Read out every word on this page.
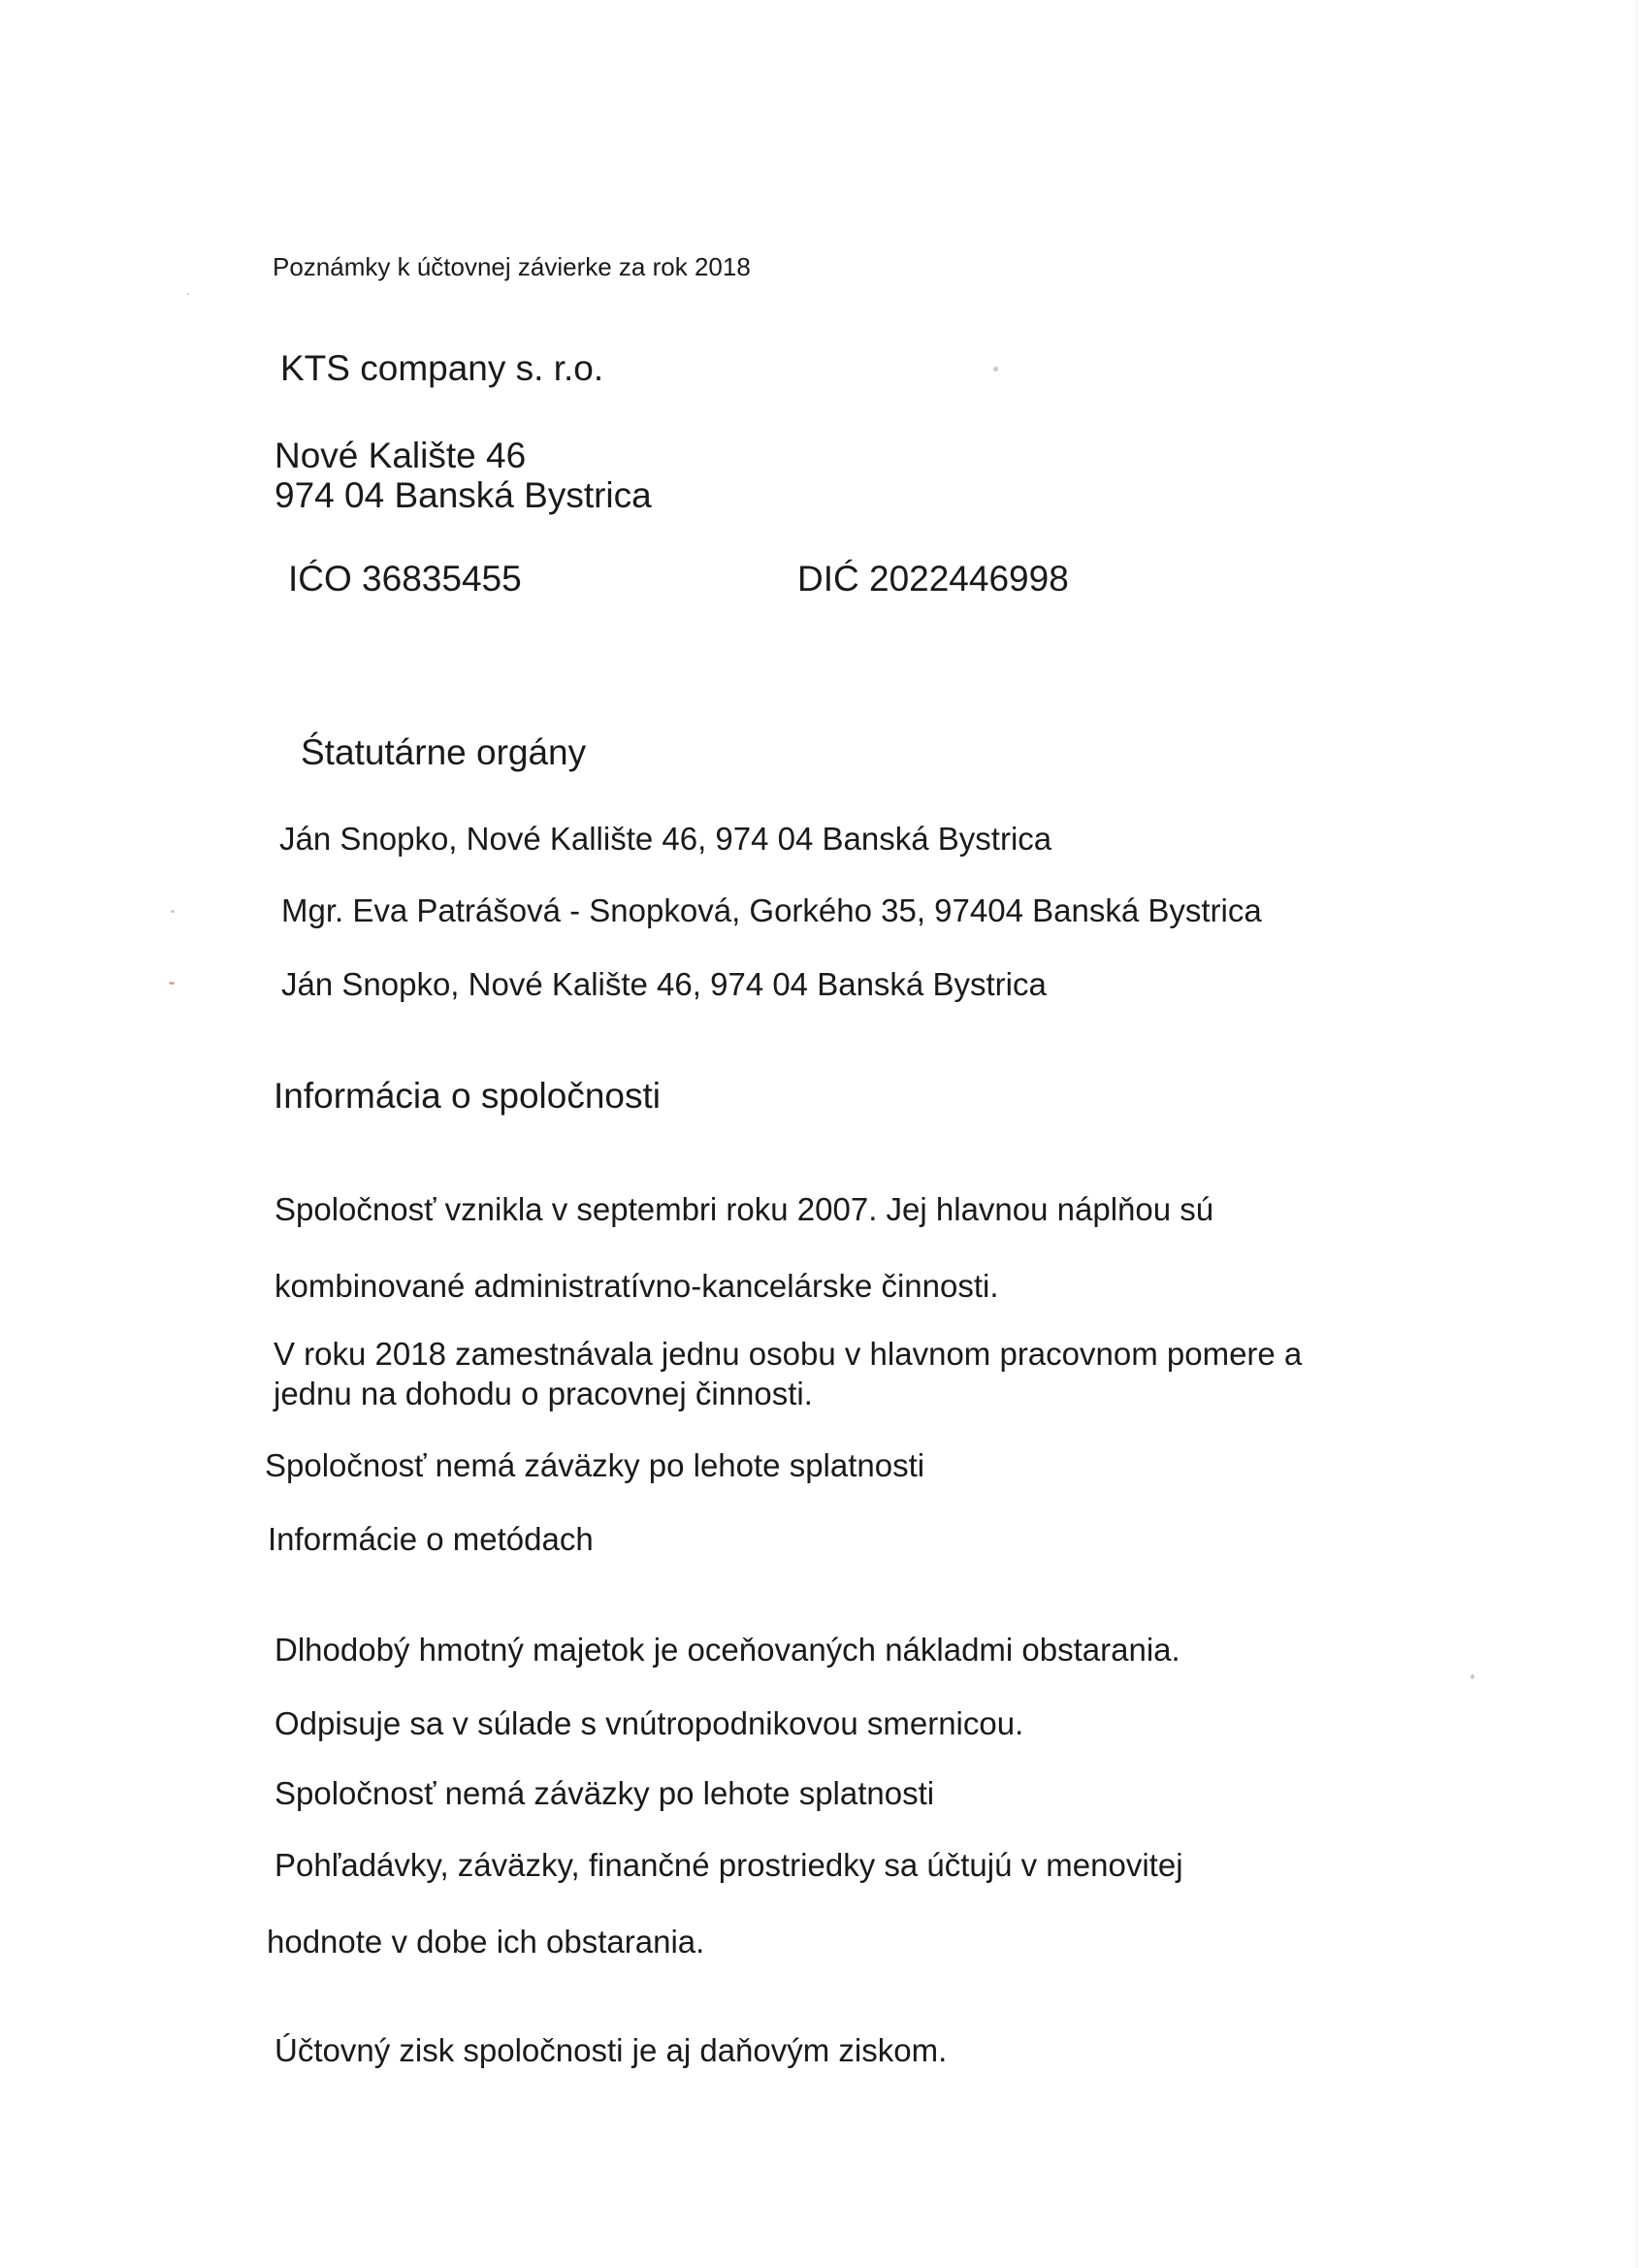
Poznámky k účtovnej závierke za rok 2018
KTS company s. r.o.
Nové Kalište 46
974 04 Banská Bystrica
IĆO 36835455	DIĆ 2022446998
Śtatutárne orgány
Ján Snopko, Nové Kallište 46, 974 04 Banská Bystrica
Mgr. Eva Patrášová - Snopková, Gorkého 35, 97404 Banská Bystrica
Ján Snopko, Nové Kalište 46, 974 04 Banská Bystrica
Informácia o spoločnosti
Spoločnosť vznikla v septembri roku 2007. Jej hlavnou náplňou sú
kombinované administratívno-kancelárske činnosti.
V roku 2018 zamestnávala jednu osobu v hlavnom pracovnom pomere a
jednu na dohodu o pracovnej činnosti.
Spoločnosť nemá záväzky po lehote splatnosti
Informácie o metódach
Dlhodobý hmotný majetok je oceňovaných nákladmi obstarania.
Odpisuje sa v súlade s vnútropodnikovou smernicou.
Spoločnosť nemá záväzky po lehote splatnosti
Pohľadávky, záväzky, finančné prostriedky sa účtujú v menovitej
hodnote v dobe ich obstarania.
Účtovný zisk spoločnosti je aj daňovým ziskom.
